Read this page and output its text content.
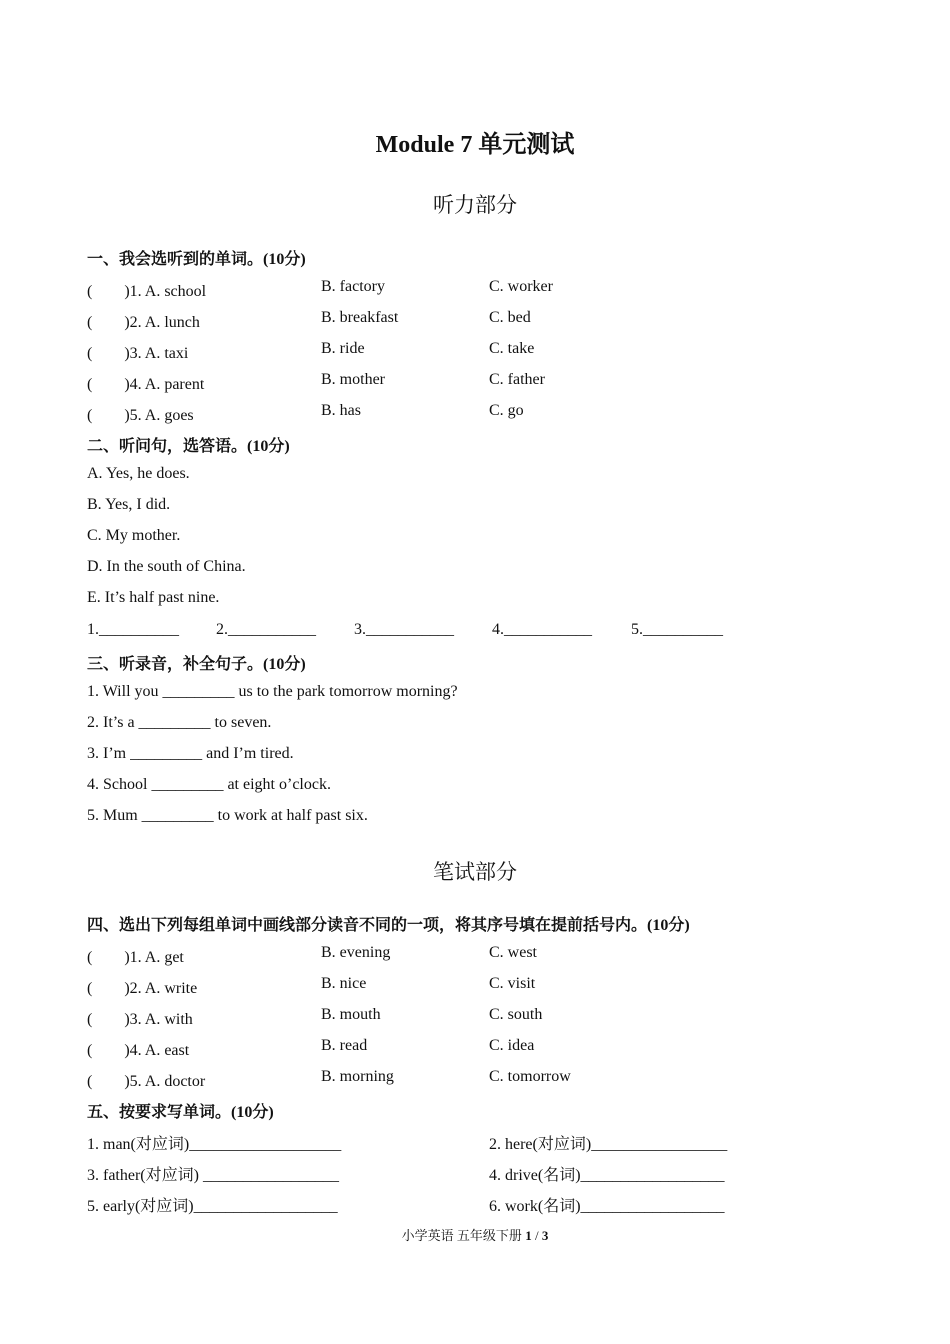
Module 7 单元测试
听力部分
一、我会选听到的单词。(10分)
(　　)1. A. school	B. factory	C. worker
(　　)2. A. lunch	B. breakfast	C. bed
(　　)3. A. taxi	B. ride	C. take
(　　)4. A. parent	B. mother	C. father
(　　)5. A. goes	B. has	C. go
二、听问句，选答语。(10分)
A. Yes, he does.
B. Yes, I did.
C. My mother.
D. In the south of China.
E. It’s half past nine.
1.__________ 2.___________ 3.___________ 4.___________ 5.__________
三、听录音，补全句子。(10分)
1. Will you _________ us to the park tomorrow morning?
2. It’s a _________ to seven.
3. I’m _________ and I’m tired.
4. School _________ at eight o’clock.
5. Mum _________ to work at half past six.
笔试部分
四、选出下列每组单词中画线部分读音不同的一项，将其序号填在提前括号内。(10分)
(　　)1. A. get	B. evening	C. west
(　　)2. A. write	B. nice	C. visit
(　　)3. A. with	B. mouth	C. south
(　　)4. A. east	B. read	C. idea
(　　)5. A. doctor	B. morning	C. tomorrow
五、按要求写单词。(10分)
1. man(对应词)___________________	2. here(对应词)_________________
3. father(对应词) _________________	4. drive(名词)__________________
5. early(对应词)__________________	6. work(名词)__________________
小学英语 五年级下册 1 / 3
